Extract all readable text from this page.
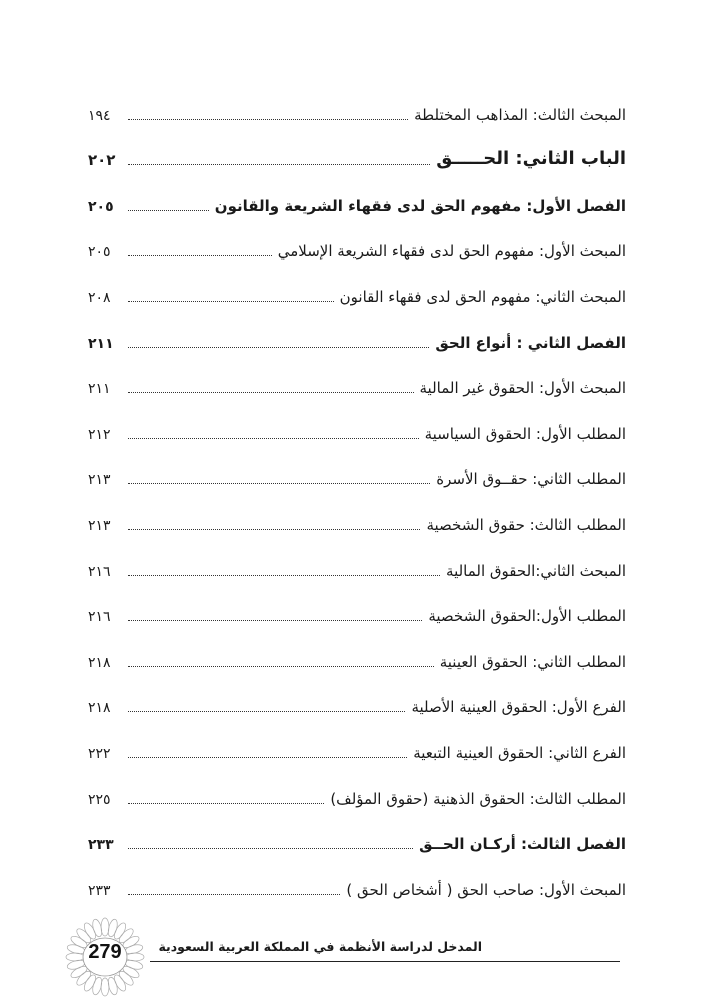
المبحث الثالث: المذاهب المختلطة
١٩٤
الباب الثاني: الحـــــق
٢٠٢
الفصل الأول: مفهوم الحق لدى فقهاء الشريعة والقانون
٢٠٥
المبحث الأول: مفهوم الحق لدى فقهاء الشريعة الإسلامي
٢٠٥
المبحث الثاني: مفهوم الحق لدى فقهاء القانون
٢٠٨
الفصل الثاني : أنواع الحق
٢١١
المبحث الأول: الحقوق غير المالية
٢١١
المطلب الأول: الحقوق السياسية
٢١٢
المطلب الثاني: حقــوق الأسرة
٢١٣
المطلب الثالث: حقوق الشخصية
٢١٣
المبحث الثاني:الحقوق المالية
٢١٦
المطلب الأول:الحقوق الشخصية
٢١٦
المطلب الثاني: الحقوق العينية
٢١٨
الفرع الأول: الحقوق العينية الأصلية
٢١٨
الفرع الثاني: الحقوق العينية التبعية
٢٢٢
المطلب الثالث: الحقوق الذهنية (حقوق المؤلف)
٢٢٥
الفصل الثالث: أركـان الحــق
٢٣٣
المبحث الأول: صاحب الحق ( أشخاص الحق )
٢٣٣
المدخل لدراسة الأنظمة في المملكة العربية السعودية
279
